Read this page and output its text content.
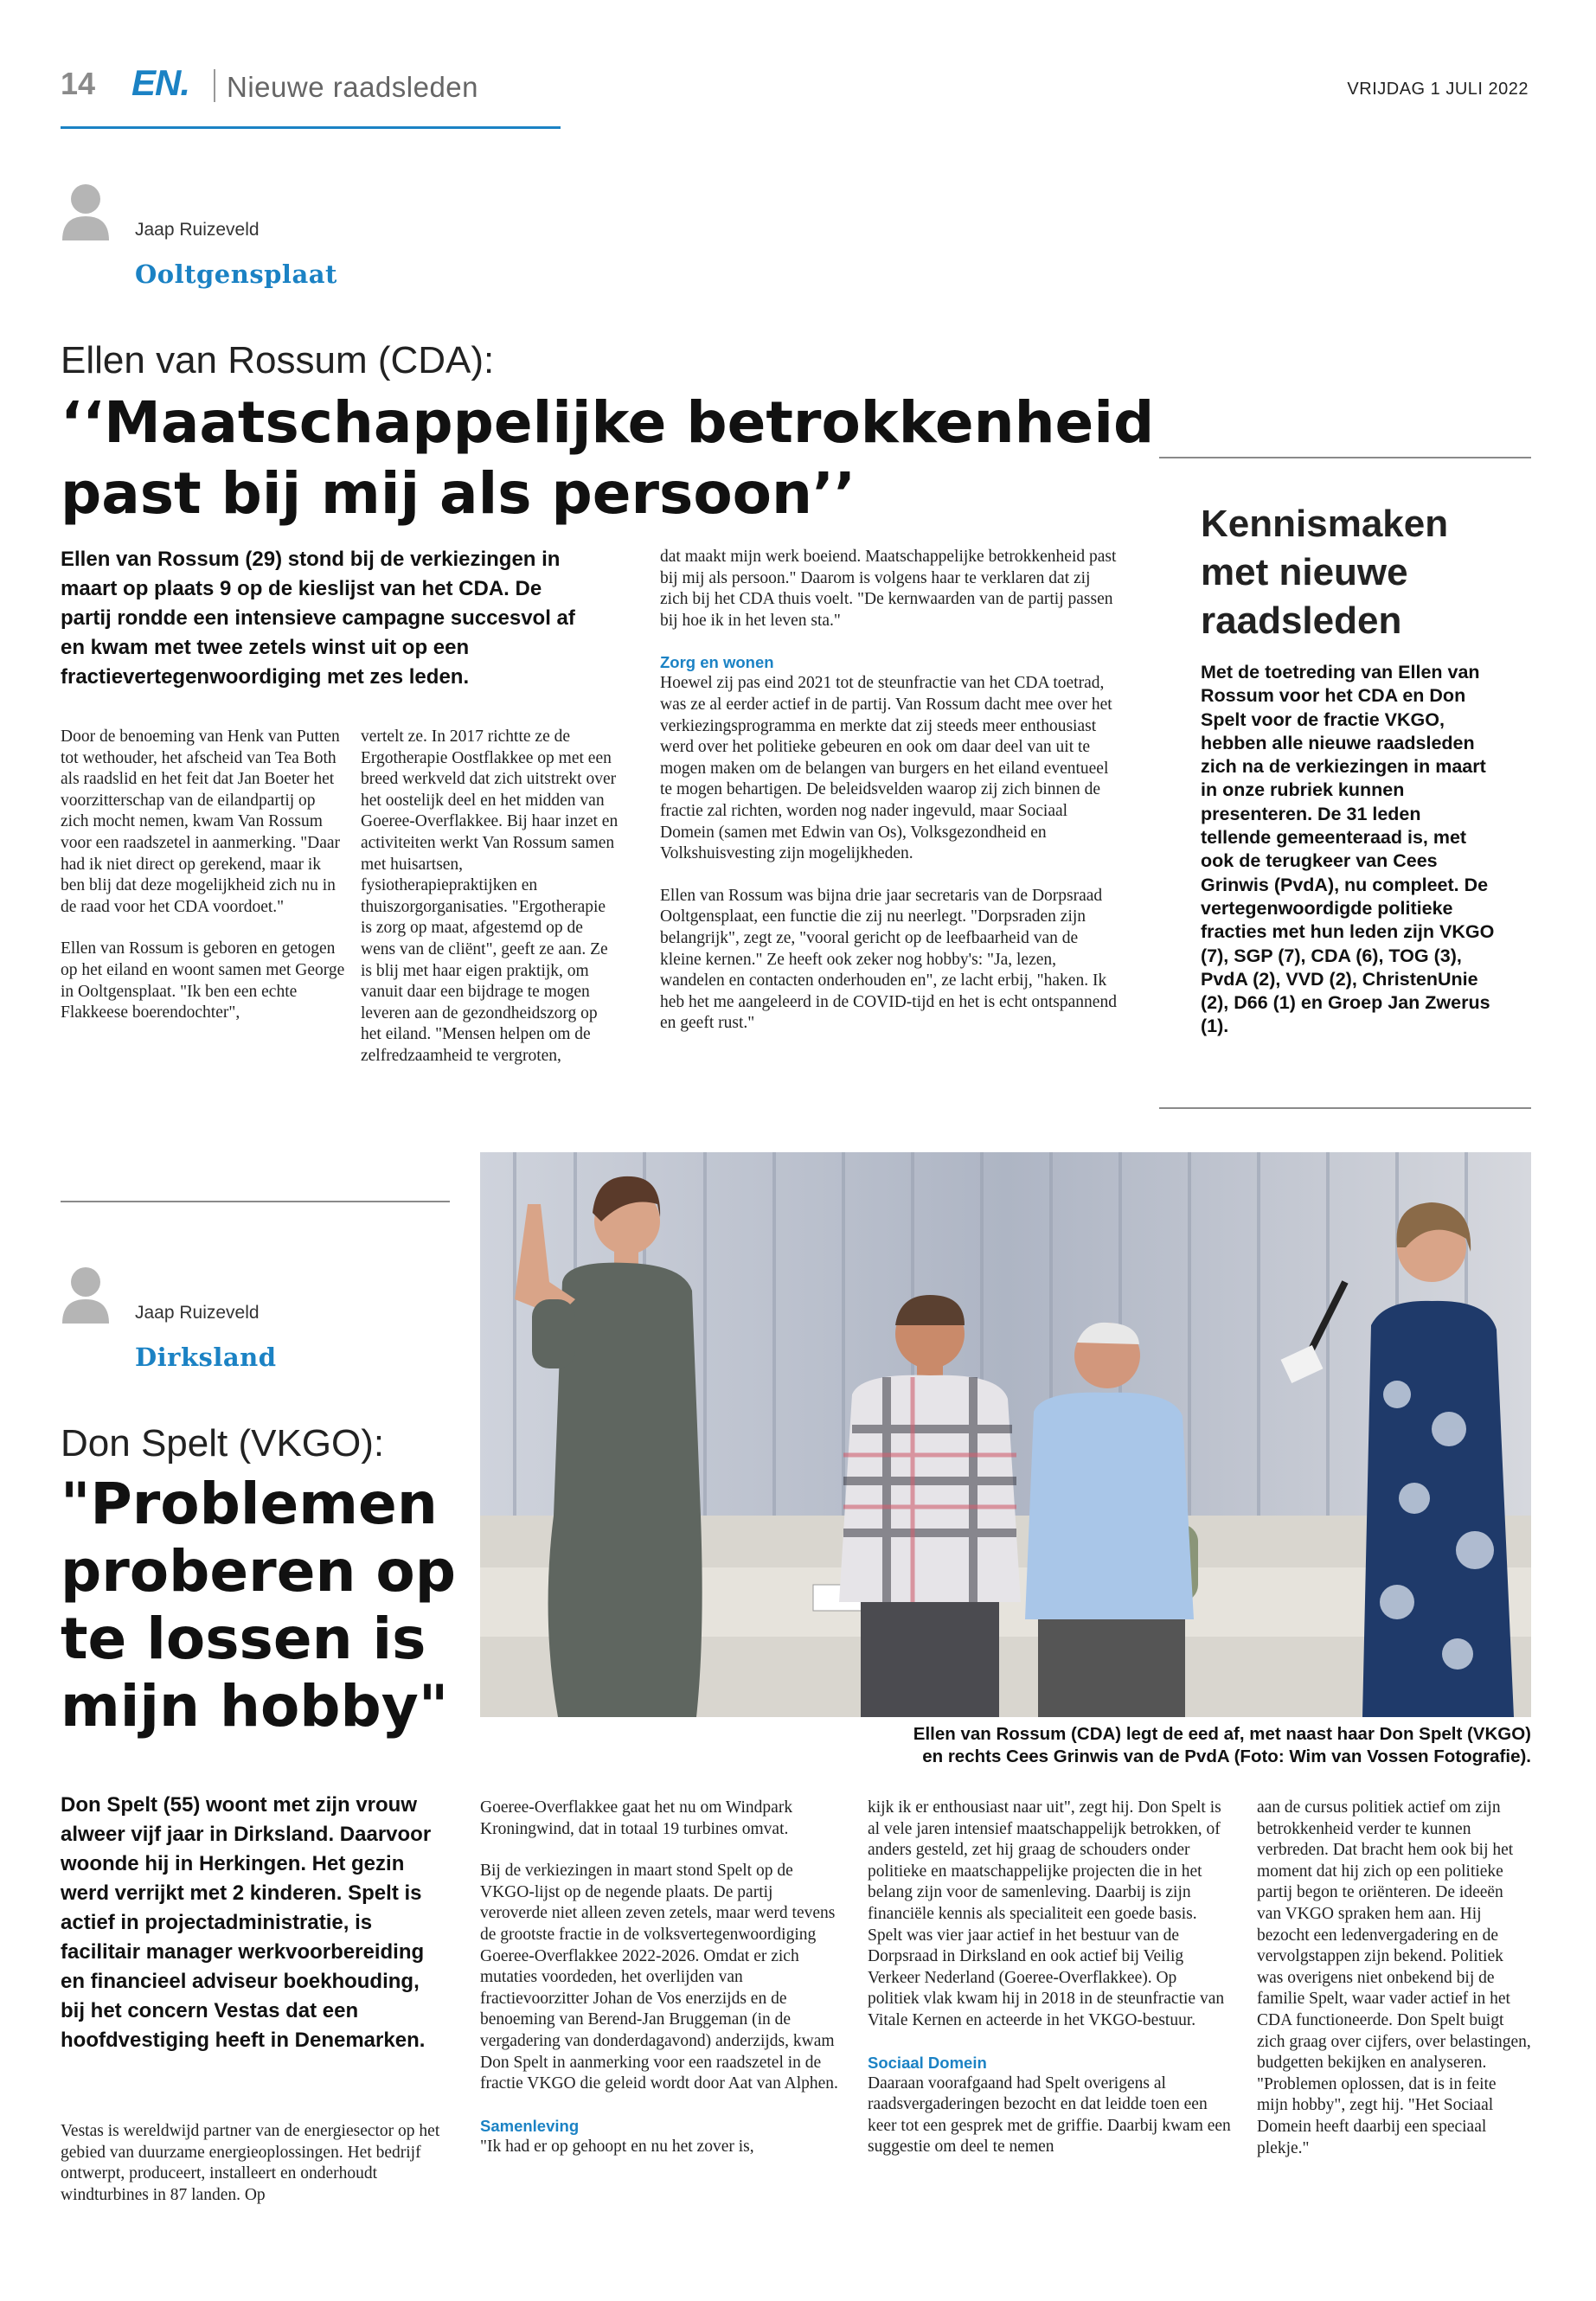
14 EN. Nieuwe raadsleden	VRIJDAG 1 JULI 2022
Jaap Ruizeveld
Ooltgensplaat
Ellen van Rossum (CDA):
‘‘Maatschappelijke betrokkenheid
past bij mij als persoon’’
Ellen van Rossum (29) stond bij de verkiezingen in maart op plaats 9 op de kieslijst van het CDA. De partij rondde een intensieve campagne succesvol af en kwam met twee zetels winst uit op een fractievertegenwoordiging met zes leden.

Door de benoeming van Henk van Putten tot wethouder, het afscheid van Tea Both als raadslid en het feit dat Jan Boeter het voorzitterschap van de eilandpartij op zich mocht nemen, kwam Van Rossum voor een raadszetel in aanmerking. "Daar had ik niet direct op gerekend, maar ik ben blij dat deze mogelijkheid zich nu in de raad voor het CDA voordoet."

Ellen van Rossum is geboren en getogen op het eiland en woont samen met George in Ooltgensplaat. "Ik ben een echte Flakkeese boerendochter",

vertelt ze. In 2017 richtte ze de Ergotherapie Oostflakkee op met een breed werkveld dat zich uitstrekt over het oostelijk deel en het midden van Goeree-Overflakkee. Bij haar inzet en activiteiten werkt Van Rossum samen met huisartsen, fysiotherapiepraktijken en thuiszorgorganisaties. "Ergotherapie is zorg op maat, afgestemd op de wens van de cliënt", geeft ze aan. Ze is blij met haar eigen praktijk, om vanuit daar een bijdrage te mogen leveren aan de gezondheidszorg op het eiland. "Mensen helpen om de zelfredzaamheid te vergroten,

dat maakt mijn werk boeiend. Maatschappelijke betrokkenheid past bij mij als persoon." Daarom is volgens haar te verklaren dat zij zich bij het CDA thuis voelt. "De kernwaarden van de partij passen bij hoe ik in het leven sta."

Zorg en wonen

Hoewel zij pas eind 2021 tot de steunfractie van het CDA toetrad, was ze al eerder actief in de partij. Van Rossum dacht mee over het verkiezingsprogramma en merkte dat zij steeds meer enthousiast werd over het politieke gebeuren en ook om daar deel van uit te mogen maken om de belangen van burgers en het eiland eventueel te mogen behartigen. De beleidsvelden waarop zij zich binnen de fractie zal richten, worden nog nader ingevuld, maar Sociaal Domein (samen met Edwin van Os), Volksgezondheid en Volkshuisvesting zijn mogelijkheden.

Ellen van Rossum was bijna drie jaar secretaris van de Dorpsraad Ooltgensplaat, een functie die zij nu neerlegt. "Dorpsraden zijn belangrijk", zegt ze, "vooral gericht op de leefbaarheid van de kleine kernen." Ze heeft ook zeker nog hobby's: "Ja, lezen, wandelen en contacten onderhouden en", ze lacht erbij, "haken. Ik heb het me aangeleerd in de COVID-tijd en het is echt ontspannend en geeft rust."

Kennismaken
met nieuwe
raadsleden
Met de toetreding van Ellen van Rossum voor het CDA en Don Spelt voor de fractie VKGO, hebben alle nieuwe raadsleden zich na de verkiezingen in maart in onze rubriek kunnen presenteren. De 31 leden tellende gemeenteraad is, met ook de terugkeer van Cees Grinwis (PvdA), nu compleet. De vertegenwoordigde politieke fracties met hun leden zijn VKGO (7), SGP (7), CDA (6), TOG (3), PvdA (2), VVD (2), ChristenUnie (2), D66 (1) en Groep Jan Zwerus (1).
Ellen van Rossum (CDA) legt de eed af, met naast haar Don Spelt (VKGO)
en rechts Cees Grinwis van de PvdA (Foto: Wim van Vossen Fotografie).
Jaap Ruizeveld
Dirksland
Don Spelt (VKGO):
"Problemen
proberen op
te lossen is
mijn hobby"
Don Spelt (55) woont met zijn vrouw alweer vijf jaar in Dirksland. Daarvoor woonde hij in Herkingen. Het gezin werd verrijkt met 2 kinderen. Spelt is actief in projectadministratie, is facilitair manager werkvoorbereiding en financieel adviseur boekhouding, bij het concern Vestas dat een hoofdvestiging heeft in Denemarken.

Vestas is wereldwijd partner van de energiesector op het gebied van duurzame energieoplossingen. Het bedrijf ontwerpt, produceert, installeert en onderhoudt windturbines in 87 landen. Op

Goeree-Overflakkee gaat het nu om Windpark Kroningwind, dat in totaal 19 turbines omvat.

Bij de verkiezingen in maart stond Spelt op de VKGO-lijst op de negende plaats. De partij veroverde niet alleen zeven zetels, maar werd tevens de grootste fractie in de volksvertegenwoordiging Goeree-Overflakkee 2022-2026. Omdat er zich mutaties voordeden, het overlijden van fractievoorzitter Johan de Vos enerzijds en de benoeming van Berend-Jan Bruggeman (in de vergadering van donderdagavond) anderzijds, kwam Don Spelt in aanmerking voor een raadszetel in de fractie VKGO die geleid wordt door Aat van Alphen.

Samenleving

"Ik had er op gehoopt en nu het zover is,

kijk ik er enthousiast naar uit", zegt hij. Don Spelt is al vele jaren intensief maatschappelijk betrokken, of anders gesteld, zet hij graag de schouders onder politieke en maatschappelijke projecten die in het belang zijn voor de samenleving. Daarbij is zijn financiële kennis als specialiteit een goede basis. Spelt was vier jaar actief in het bestuur van de Dorpsraad in Dirksland en ook actief bij Veilig Verkeer Nederland (Goeree-Overflakkee). Op politiek vlak kwam hij in 2018 in de steunfractie van Vitale Kernen en acteerde in het VKGO-bestuur.

Sociaal Domein

Daaraan voorafgaand had Spelt overigens al raadsvergaderingen bezocht en dat leidde toen een keer tot een gesprek met de griffie. Daarbij kwam een suggestie om deel te nemen

aan de cursus politiek actief om zijn betrokkenheid verder te kunnen verbreden. Dat bracht hem ook bij het moment dat hij zich op een politieke partij begon te oriënteren. De ideeën van VKGO spraken hem aan. Hij bezocht een ledenvergadering en de vervolgstappen zijn bekend. Politiek was overigens niet onbekend bij de familie Spelt, waar vader actief in het CDA functioneerde. Don Spelt buigt zich graag over cijfers, over belastingen, budgetten bekijken en analyseren. "Problemen oplossen, dat is in feite mijn hobby", zegt hij. "Het Sociaal Domein heeft daarbij een speciaal plekje."
